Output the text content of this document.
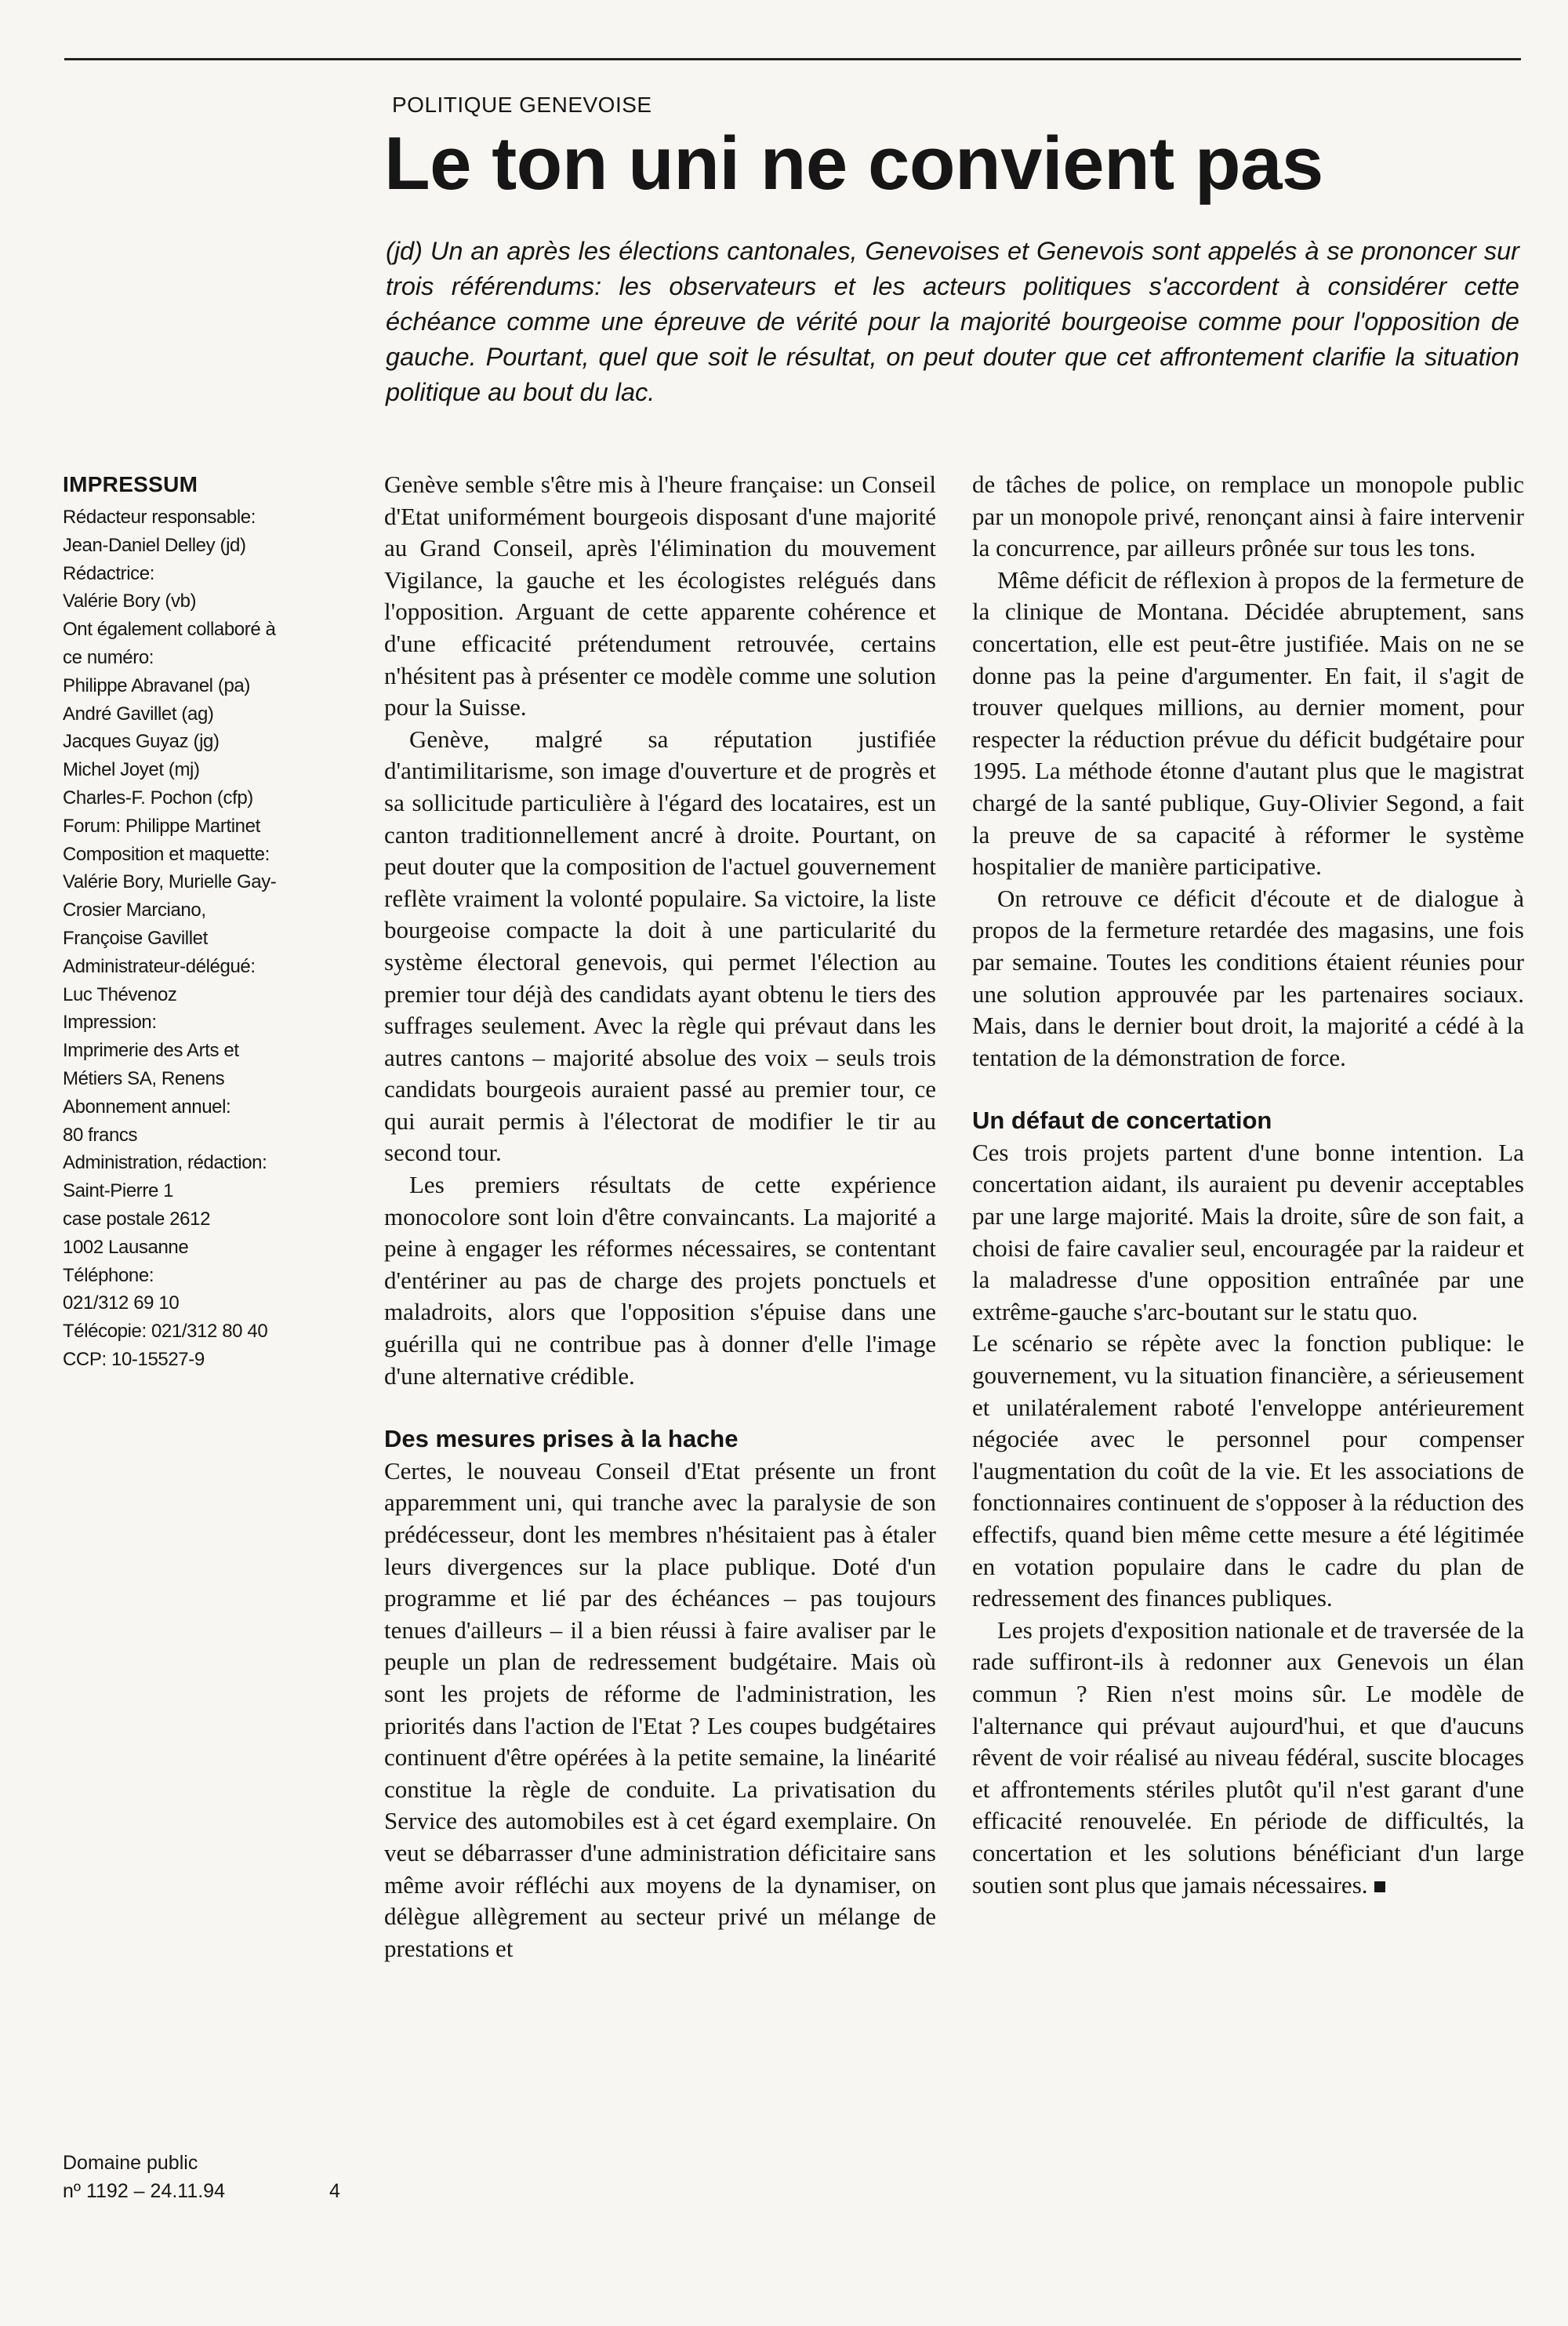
POLITIQUE GENEVOISE
Le ton uni ne convient pas

(jd) Un an après les élections cantonales, Genevoises et Genevois sont appelés à se prononcer sur trois référendums: les observateurs et les acteurs politiques s'accordent à considérer cette échéance comme une épreuve de vérité pour la majorité bourgeoise comme pour l'opposition de gauche. Pourtant, quel que soit le résultat, on peut douter que cet affrontement clarifie la situation politique au bout du lac.

IMPRESSUM
Rédacteur responsable:
Jean-Daniel Delley (jd)
Rédactrice:
Valérie Bory (vb)
Ont également collaboré à
ce numéro:
Philippe Abravanel (pa)
André Gavillet (ag)
Jacques Guyaz (jg)
Michel Joyet (mj)
Charles-F. Pochon (cfp)
Forum: Philippe Martinet
Composition et maquette:
Valérie Bory, Murielle Gay-
Crosier Marciano,
Françoise Gavillet
Administrateur-délégué:
Luc Thévenoz
Impression:
Imprimerie des Arts et
Métiers SA, Renens
Abonnement annuel:
80 francs
Administration, rédaction:
Saint-Pierre 1
case postale 2612
1002 Lausanne
Téléphone:
021/312 69 10
Télécopie: 021/312 80 40
CCP: 10-15527-9
Domaine public
nº 1192 – 24.11.94	4

Genève semble s'être mis à l'heure française: un Conseil d'Etat uniformément bourgeois disposant d'une majorité au Grand Conseil, après l'élimination du mouvement Vigilance, la gauche et les écologistes relégués dans l'opposition. Arguant de cette apparente cohérence et d'une efficacité prétendument retrouvée, certains n'hésitent pas à présenter ce modèle comme une solution pour la Suisse.

Genève, malgré sa réputation justifiée d'antimilitarisme, son image d'ouverture et de progrès et sa sollicitude particulière à l'égard des locataires, est un canton traditionnellement ancré à droite. Pourtant, on peut douter que la composition de l'actuel gouvernement reflète vraiment la volonté populaire. Sa victoire, la liste bourgeoise compacte la doit à une particularité du système électoral genevois, qui permet l'élection au premier tour déjà des candidats ayant obtenu le tiers des suffrages seulement. Avec la règle qui prévaut dans les autres cantons – majorité absolue des voix – seuls trois candidats bourgeois auraient passé au premier tour, ce qui aurait permis à l'électorat de modifier le tir au second tour.

Les premiers résultats de cette expérience monocolore sont loin d'être convaincants. La majorité a peine à engager les réformes nécessaires, se contentant d'entériner au pas de charge des projets ponctuels et maladroits, alors que l'opposition s'épuise dans une guérilla qui ne contribue pas à donner d'elle l'image d'une alternative crédible.

Des mesures prises à la hache

Certes, le nouveau Conseil d'Etat présente un front apparemment uni, qui tranche avec la paralysie de son prédécesseur, dont les membres n'hésitaient pas à étaler leurs divergences sur la place publique. Doté d'un programme et lié par des échéances – pas toujours tenues d'ailleurs – il a bien réussi à faire avaliser par le peuple un plan de redressement budgétaire. Mais où sont les projets de réforme de l'administration, les priorités dans l'action de l'Etat ? Les coupes budgétaires continuent d'être opérées à la petite semaine, la linéarité constitue la règle de conduite. La privatisation du Service des automobiles est à cet égard exemplaire. On veut se débarrasser d'une administration déficitaire sans même avoir réfléchi aux moyens de la dynamiser, on délègue allègrement au secteur privé un mélange de prestations et

de tâches de police, on remplace un monopole public par un monopole privé, renonçant ainsi à faire intervenir la concurrence, par ailleurs prônée sur tous les tons.

Même déficit de réflexion à propos de la fermeture de la clinique de Montana. Décidée abruptement, sans concertation, elle est peut-être justifiée. Mais on ne se donne pas la peine d'argumenter. En fait, il s'agit de trouver quelques millions, au dernier moment, pour respecter la réduction prévue du déficit budgétaire pour 1995. La méthode étonne d'autant plus que le magistrat chargé de la santé publique, Guy-Olivier Segond, a fait la preuve de sa capacité à réformer le système hospitalier de manière participative.

On retrouve ce déficit d'écoute et de dialogue à propos de la fermeture retardée des magasins, une fois par semaine. Toutes les conditions étaient réunies pour une solution approuvée par les partenaires sociaux. Mais, dans le dernier bout droit, la majorité a cédé à la tentation de la démonstration de force.

Un défaut de concertation

Ces trois projets partent d'une bonne intention. La concertation aidant, ils auraient pu devenir acceptables par une large majorité. Mais la droite, sûre de son fait, a choisi de faire cavalier seul, encouragée par la raideur et la maladresse d'une opposition entraînée par une extrême-gauche s'arc-boutant sur le statu quo.

Le scénario se répète avec la fonction publique: le gouvernement, vu la situation financière, a sérieusement et unilatéralement raboté l'enveloppe antérieurement négociée avec le personnel pour compenser l'augmentation du coût de la vie. Et les associations de fonctionnaires continuent de s'opposer à la réduction des effectifs, quand bien même cette mesure a été légitimée en votation populaire dans le cadre du plan de redressement des finances publiques.

Les projets d'exposition nationale et de traversée de la rade suffiront-ils à redonner aux Genevois un élan commun ? Rien n'est moins sûr. Le modèle de l'alternance qui prévaut aujourd'hui, et que d'aucuns rêvent de voir réalisé au niveau fédéral, suscite blocages et affrontements stériles plutôt qu'il n'est garant d'une efficacité renouvelée. En période de difficultés, la concertation et les solutions bénéficiant d'un large soutien sont plus que jamais nécessaires.
